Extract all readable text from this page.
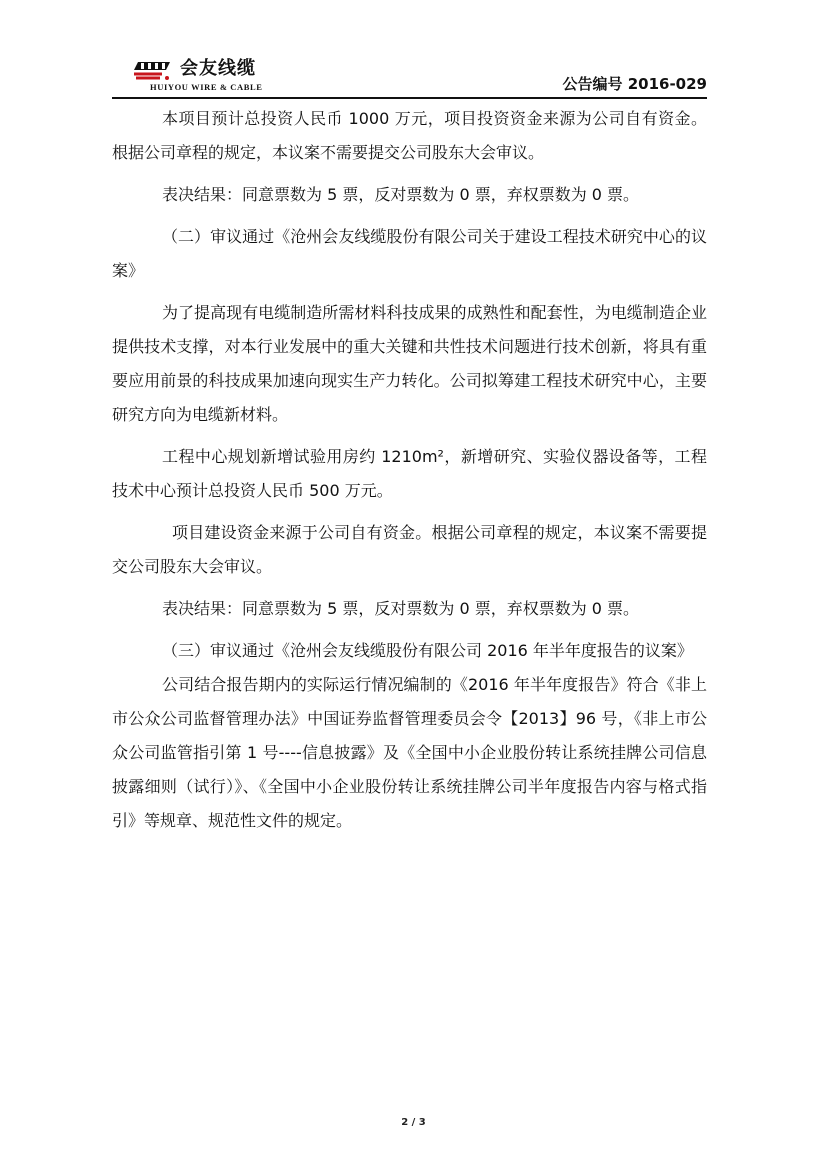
会友线缆
HUIYOU WIRE & CABLE	公告编号 2016-029

本项目预计总投资人民币 1000 万元，项目投资资金来源为公司自有资金。根据公司章程的规定，本议案不需要提交公司股东大会审议。

表决结果：同意票数为 5 票，反对票数为 0 票，弃权票数为 0 票。

（二）审议通过《沧州会友线缆股份有限公司关于建设工程技术研究中心的议案》

为了提高现有电缆制造所需材料科技成果的成熟性和配套性，为电缆制造企业提供技术支撑，对本行业发展中的重大关键和共性技术问题进行技术创新，将具有重要应用前景的科技成果加速向现实生产力转化。公司拟筹建工程技术研究中心，主要研究方向为电缆新材料。

工程中心规划新增试验用房约 1210m²，新增研究、实验仪器设备等，工程技术中心预计总投资人民币 500 万元。

项目建设资金来源于公司自有资金。根据公司章程的规定，本议案不需要提交公司股东大会审议。

表决结果：同意票数为 5 票，反对票数为 0 票，弃权票数为 0 票。

（三）审议通过《沧州会友线缆股份有限公司 2016 年半年度报告的议案》

公司结合报告期内的实际运行情况编制的《2016 年半年度报告》符合《非上市公众公司监督管理办法》中国证券监督管理委员会令【2013】96 号，《非上市公众公司监管指引第 1 号----信息披露》及《全国中小企业股份转让系统挂牌公司信息披露细则（试行）》、《全国中小企业股份转让系统挂牌公司半年度报告内容与格式指引》等规章、规范性文件的规定。

2 / 3
